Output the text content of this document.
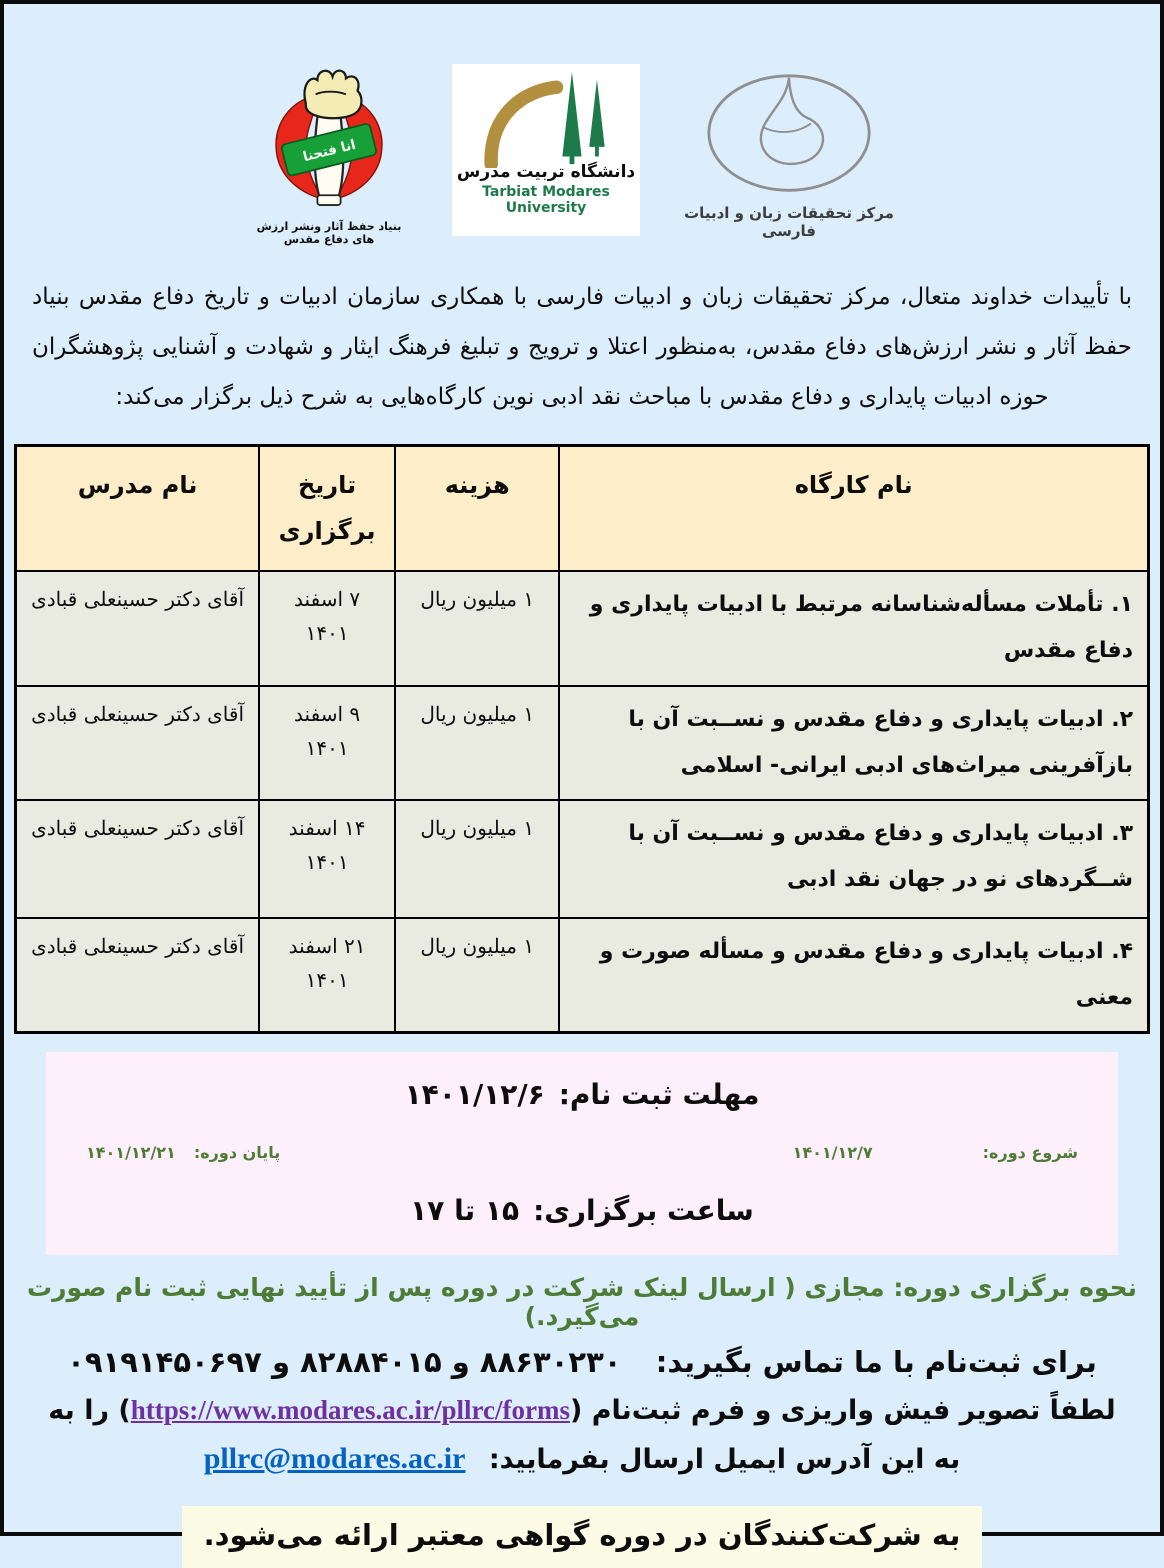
انا فتحنا
بنیاد حفظ آثار ونشر ارزش های دفاع مقدس
دانشگاه تربیت مدرس
Tarbiat Modares University	مرکز تحقیقات زبان و ادبیات فارسی

با تأییدات خداوند متعال، مرکز تحقیقات زبان و ادبیات فارسی با همکاری سازمان ادبیات و تاریخ دفاع مقدس بنیاد حفظ آثار و نشر ارزش‌های دفاع مقدس، به‌منظور اعتلا و ترویج و تبلیغ فرهنگ ایثار و شهادت و آشنایی پژوهشگران حوزه ادبیات پایداری و دفاع مقدس با مباحث نقد ادبی نوین کارگاه‌هایی به شرح ذیل برگزار می‌کند:

نام کارگاه	هزینه	تاریخ برگزاری	نام مدرس
۱. تأملات مسأله‌شناسانه مرتبط با ادبیات پایداری و دفاع مقدس	۱ میلیون ریال	۷ اسفند ۱۴۰۱	آقای دکتر حسینعلی قبادی
۲. ادبیات پایداری و دفاع مقدس و نســبت آن با بازآفرینی میراث‌های ادبی ایرانی- اسلامی	۱ میلیون ریال	۹ اسفند ۱۴۰۱	آقای دکتر حسینعلی قبادی
۳. ادبیات پایداری و دفاع مقدس و نســبت آن با شــگردهای نو در جهان نقد ادبی	۱ میلیون ریال	۱۴ اسفند ۱۴۰۱	آقای دکتر حسینعلی قبادی
۴. ادبیات پایداری و دفاع مقدس و مسأله صورت و معنی	۱ میلیون ریال	۲۱ اسفند ۱۴۰۱	آقای دکتر حسینعلی قبادی
مهلت ثبت نام:۱۴۰۱/۱۲/۶
شروع دوره:
۱۴۰۱/۱۲/۷
پایان دوره:
۱۴۰۱/۱۲/۲۱
ساعت برگزاری:۱۵ تا ۱۷
نحوه برگزاری دوره: مجازی ( ارسال لینک شرکت در دوره پس از تأیید نهایی ثبت نام صورت می‌گیرد.)
برای ثبت‌نام با ما تماس بگیرید:  ۸۸۶۳۰۲۳۰ و ۸۲۸۸۴۰۱۵ و ۰۹۱۹۱۴۵۰۶۹۷
لطفاً تصویر فیش واریزی و فرم ثبت‌نام (https://www.modares.ac.ir/pllrc/forms) را به
به این آدرس ایمیل ارسال بفرمایید: pllrc@modares.ac.ir
به شرکت‌کنندگان در دوره گواهی معتبر ارائه می‌شود.
